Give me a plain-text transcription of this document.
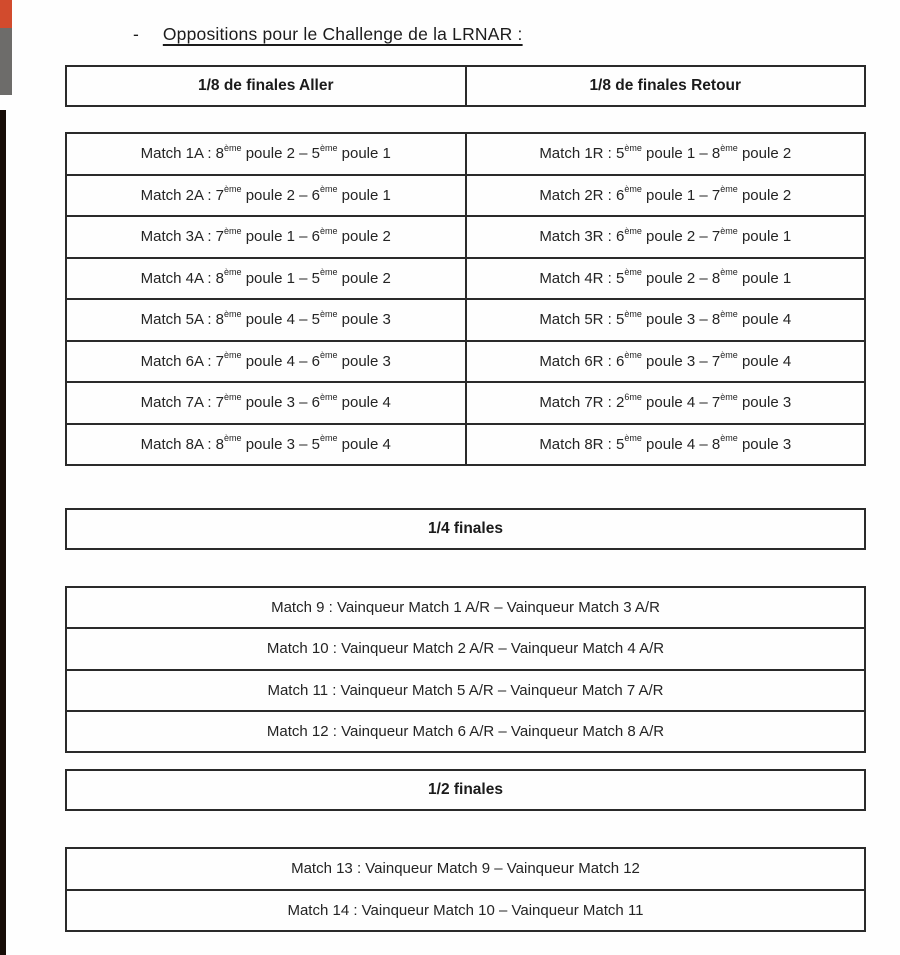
- Oppositions pour le Challenge de la LRNAR :
1/8 de finales Aller	1/8 de finales Retour
Match 1A : 8ème poule 2 – 5ème poule 1	Match 1R : 5ème poule 1 – 8ème poule 2
Match 2A : 7ème poule 2 – 6ème poule 1	Match 2R : 6ème poule 1 – 7ème poule 2
Match 3A : 7ème poule 1 – 6ème poule 2	Match 3R : 6ème poule 2 – 7ème poule 1
Match 4A : 8ème poule 1 – 5ème poule 2	Match 4R : 5ème poule 2 – 8ème poule 1
Match 5A : 8ème poule 4 – 5ème poule 3	Match 5R : 5ème poule 3 – 8ème poule 4
Match 6A : 7ème poule 4 – 6ème poule 3	Match 6R : 6ème poule 3 – 7ème poule 4
Match 7A : 7ème poule 3 – 6ème poule 4	Match 7R : $2^{6me}$ poule 4 – 7ème poule 3
Match 8A : 8ème poule 3 – 5ème poule 4	Match 8R : 5ème poule 4 – 8ème poule 3
1/4 finales
Match 9 : Vainqueur Match 1 A/R – Vainqueur Match 3 A/R
Match 10 : Vainqueur Match 2 A/R – Vainqueur Match 4 A/R
Match 11 : Vainqueur Match 5 A/R – Vainqueur Match 7 A/R
Match 12 : Vainqueur Match 6 A/R – Vainqueur Match 8 A/R
1/2 finales
Match 13 : Vainqueur Match 9 – Vainqueur Match 12
Match 14 : Vainqueur Match 10 – Vainqueur Match 11
